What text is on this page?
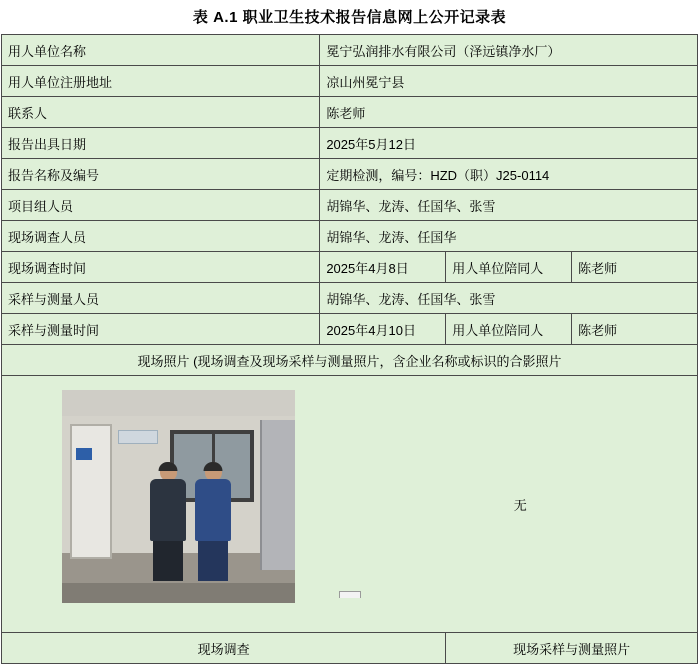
表 A.1 职业卫生技术报告信息网上公开记录表
用人单位名称	冕宁弘润排水有限公司（泽远镇净水厂）		
用人单位注册地址	凉山州冕宁县		
联系人	陈老师		
报告出具日期	2025年5月12日		
报告名称及编号	定期检测，编号：HZD（职）J25-0114		
项目组人员	胡锦华、龙涛、任国华、张雪		
现场调查人员	胡锦华、龙涛、任国华		
现场调查时间	2025年4月8日	用人单位陪同人	陈老师
采样与测量人员	胡锦华、龙涛、任国华、张雪		
采样与测量时间	2025年4月10日	用人单位陪同人	陈老师
现场照片 (现场调查及现场采样与测量照片，含企业名称或标识的合影照片			

无			

现场调查		现场采样与测量照片	
